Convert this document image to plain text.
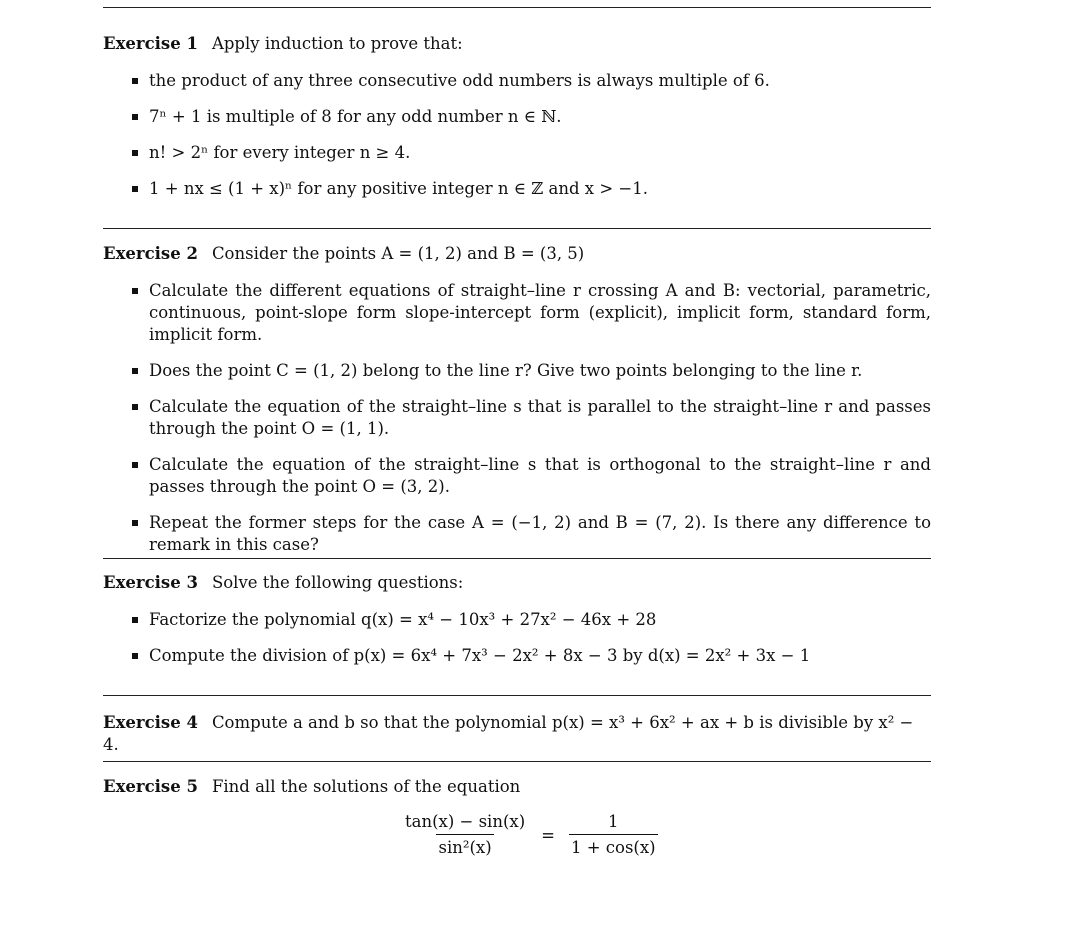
Exercise 1 Apply induction to prove that:
the product of any three consecutive odd numbers is always multiple of 6.
7ⁿ + 1 is multiple of 8 for any odd number n ∈ ℕ.
n! > 2ⁿ for every integer n ≥ 4.
1 + nx ≤ (1 + x)ⁿ for any positive integer n ∈ ℤ and x > −1.
Exercise 2 Consider the points A = (1, 2) and B = (3, 5)
Calculate the different equations of straight–line r crossing A and B: vectorial, parametric, continuous, point-slope form slope-intercept form (explicit), implicit form, standard form, implicit form.
Does the point C = (1, 2) belong to the line r? Give two points belonging to the line r.
Calculate the equation of the straight–line s that is parallel to the straight–line r and passes through the point O = (1, 1).
Calculate the equation of the straight–line s that is orthogonal to the straight–line r and passes through the point O = (3, 2).
Repeat the former steps for the case A = (−1, 2) and B = (7, 2). Is there any difference to remark in this case?
Exercise 3 Solve the following questions:
Factorize the polynomial q(x) = x⁴ − 10x³ + 27x² − 46x + 28
Compute the division of p(x) = 6x⁴ + 7x³ − 2x² + 8x − 3 by d(x) = 2x² + 3x − 1
Exercise 4 Compute a and b so that the polynomial p(x) = x³ + 6x² + ax + b is divisible by x² − 4.
Exercise 5 Find all the solutions of the equation
$\frac{\tan(x) - \sin(x)}{\text{sin²(x)}} = \frac{1}{1 + \cos(x)}$
